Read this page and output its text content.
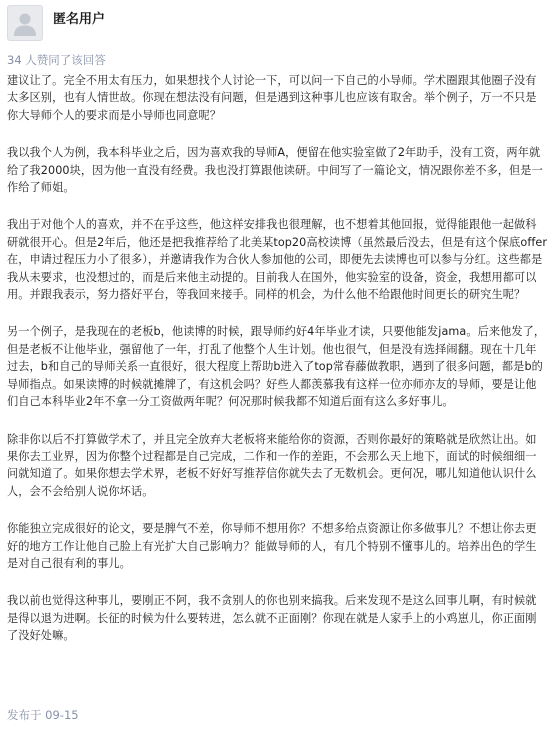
匿名用户
34 人赞同了该回答

建议让了。完全不用太有压力，如果想找个人讨论一下，可以问一下自己的小导师。学术圈跟其他圈子没有太多区别，也有人情世故。你现在想法没有问题，但是遇到这种事儿也应该有取舍。举个例子，万一不只是你大导师个人的要求而是小导师也同意呢？

我以我个人为例，我本科毕业之后，因为喜欢我的导师A，便留在他实验室做了2年助手，没有工资，两年就给了我2000块，因为他一直没有经费。我也没打算跟他读研。中间写了一篇论文，情况跟你差不多，但是一作给了师姐。

我出于对他个人的喜欢，并不在乎这些，他这样安排我也很理解，也不想着其他回报，觉得能跟他一起做科研就很开心。但是2年后，他还是把我推荐给了北美某top20高校读博（虽然最后没去，但是有这个保底offer在，申请过程压力小了很多），并邀请我作为合伙人参加他的公司，即便先去读博也可以参与分红。这些都是我从未要求，也没想过的，而是后来他主动提的。目前我人在国外，他实验室的设备，资金，我想用都可以用。并跟我表示，努力搭好平台，等我回来接手。同样的机会，为什么他不给跟他时间更长的研究生呢？

另一个例子，是我现在的老板b，他读博的时候，跟导师约好4年毕业才读，只要他能发jama。后来他发了，但是老板不让他毕业，强留他了一年，打乱了他整个人生计划。他也很气，但是没有选择闹翻。现在十几年过去，b和自己的导师关系一直很好，很大程度上帮助b进入了top常春藤做教职，遇到了很多问题，都是b的导师指点。如果读博的时候就摊牌了，有这机会吗？好些人都羡慕我有这样一位亦师亦友的导师，要是让他们自己本科毕业2年不拿一分工资做两年呢？何况那时候我都不知道后面有这么多好事儿。

除非你以后不打算做学术了，并且完全放弃大老板将来能给你的资源，否则你最好的策略就是欣然让出。如果你去工业界，因为你整个过程都是自己完成，二作和一作的差距，不会那么天上地下，面试的时候细细一问就知道了。如果你想去学术界，老板不好好写推荐信你就失去了无数机会。更何况，哪儿知道他认识什么人，会不会给别人说你坏话。

你能独立完成很好的论文，要是脾气不差，你导师不想用你？不想多给点资源让你多做事儿？不想让你去更好的地方工作让他自己脸上有光扩大自己影响力？能做导师的人，有几个特别不懂事儿的。培养出色的学生是对自己很有利的事儿。

我以前也觉得这种事儿，要刚正不阿，我不贪别人的你也别来搞我。后来发现不是这么回事儿啊，有时候就是得以退为进啊。长征的时候为什么要转进，怎么就不正面刚？你现在就是人家手上的小鸡崽儿，你正面刚了没好处嘛。

发布于 09-15
